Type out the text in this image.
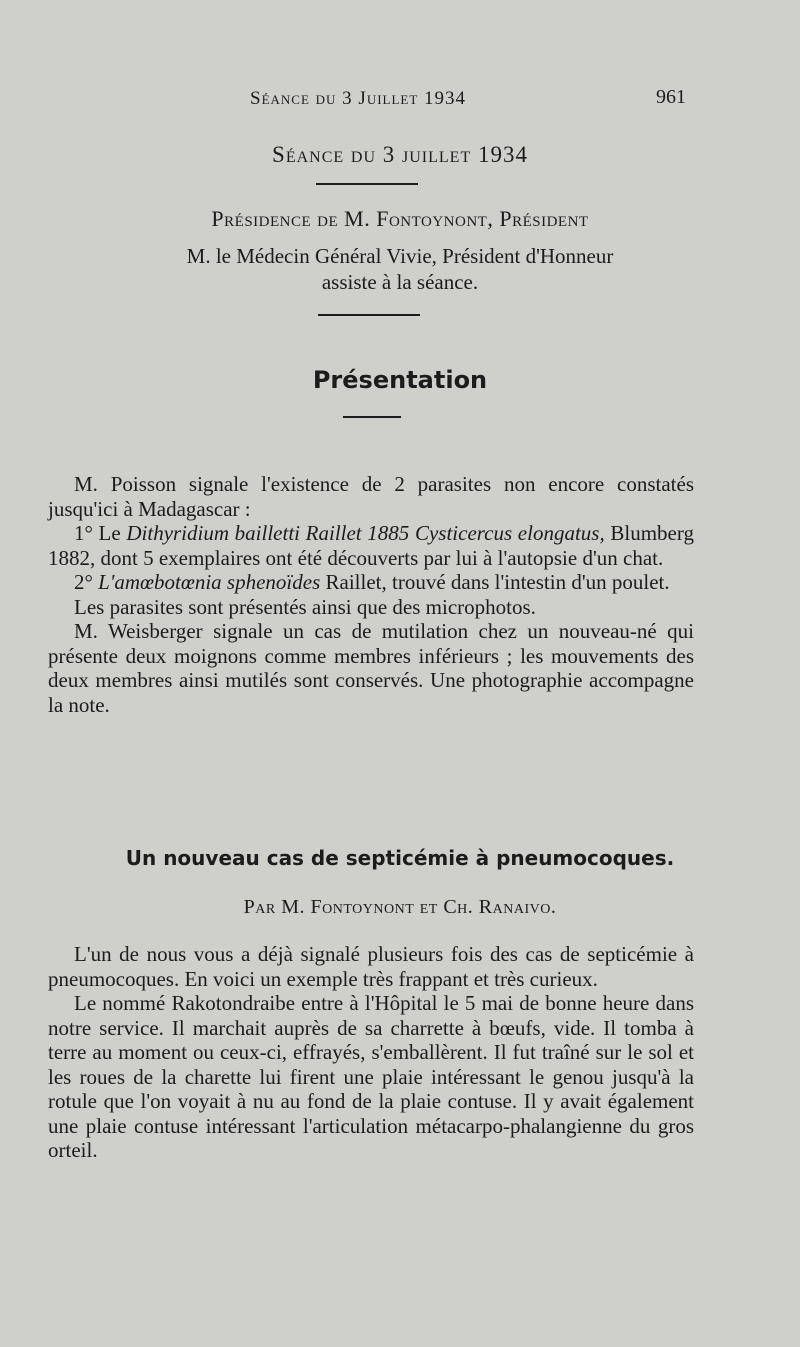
Séance du 3 Juillet 1934	961
Séance du 3 juillet 1934
Présidence de M. Fontoynont, Président
M. le Médecin Général Vivie, Président d'Honneur
assiste à la séance.
Présentation

M. Poisson signale l'existence de 2 parasites non encore constatés jusqu'ici à Madagascar :

1° Le Dithyridium bailletti Raillet 1885 Cysticercus elongatus, Blumberg 1882, dont 5 exemplaires ont été découverts par lui à l'autopsie d'un chat.

2° L'amœbotœnia sphenoïdes Raillet, trouvé dans l'intestin d'un poulet.

Les parasites sont présentés ainsi que des microphotos.

M. Weisberger signale un cas de mutilation chez un nouveau-né qui présente deux moignons comme membres inférieurs ; les mouvements des deux membres ainsi mutilés sont conservés. Une photographie accompagne la note.

Un nouveau cas de septicémie à pneumocoques.
Par M. Fontoynont et Ch. Ranaivo.

L'un de nous vous a déjà signalé plusieurs fois des cas de septicémie à pneumocoques. En voici un exemple très frappant et très curieux.

Le nommé Rakotondraibe entre à l'Hôpital le 5 mai de bonne heure dans notre service. Il marchait auprès de sa charrette à bœufs, vide. Il tomba à terre au moment ou ceux-ci, effrayés, s'emballèrent. Il fut traîné sur le sol et les roues de la charette lui firent une plaie intéressant le genou jusqu'à la rotule que l'on voyait à nu au fond de la plaie contuse. Il y avait également une plaie contuse intéressant l'articulation métacarpo-phalangienne du gros orteil.
